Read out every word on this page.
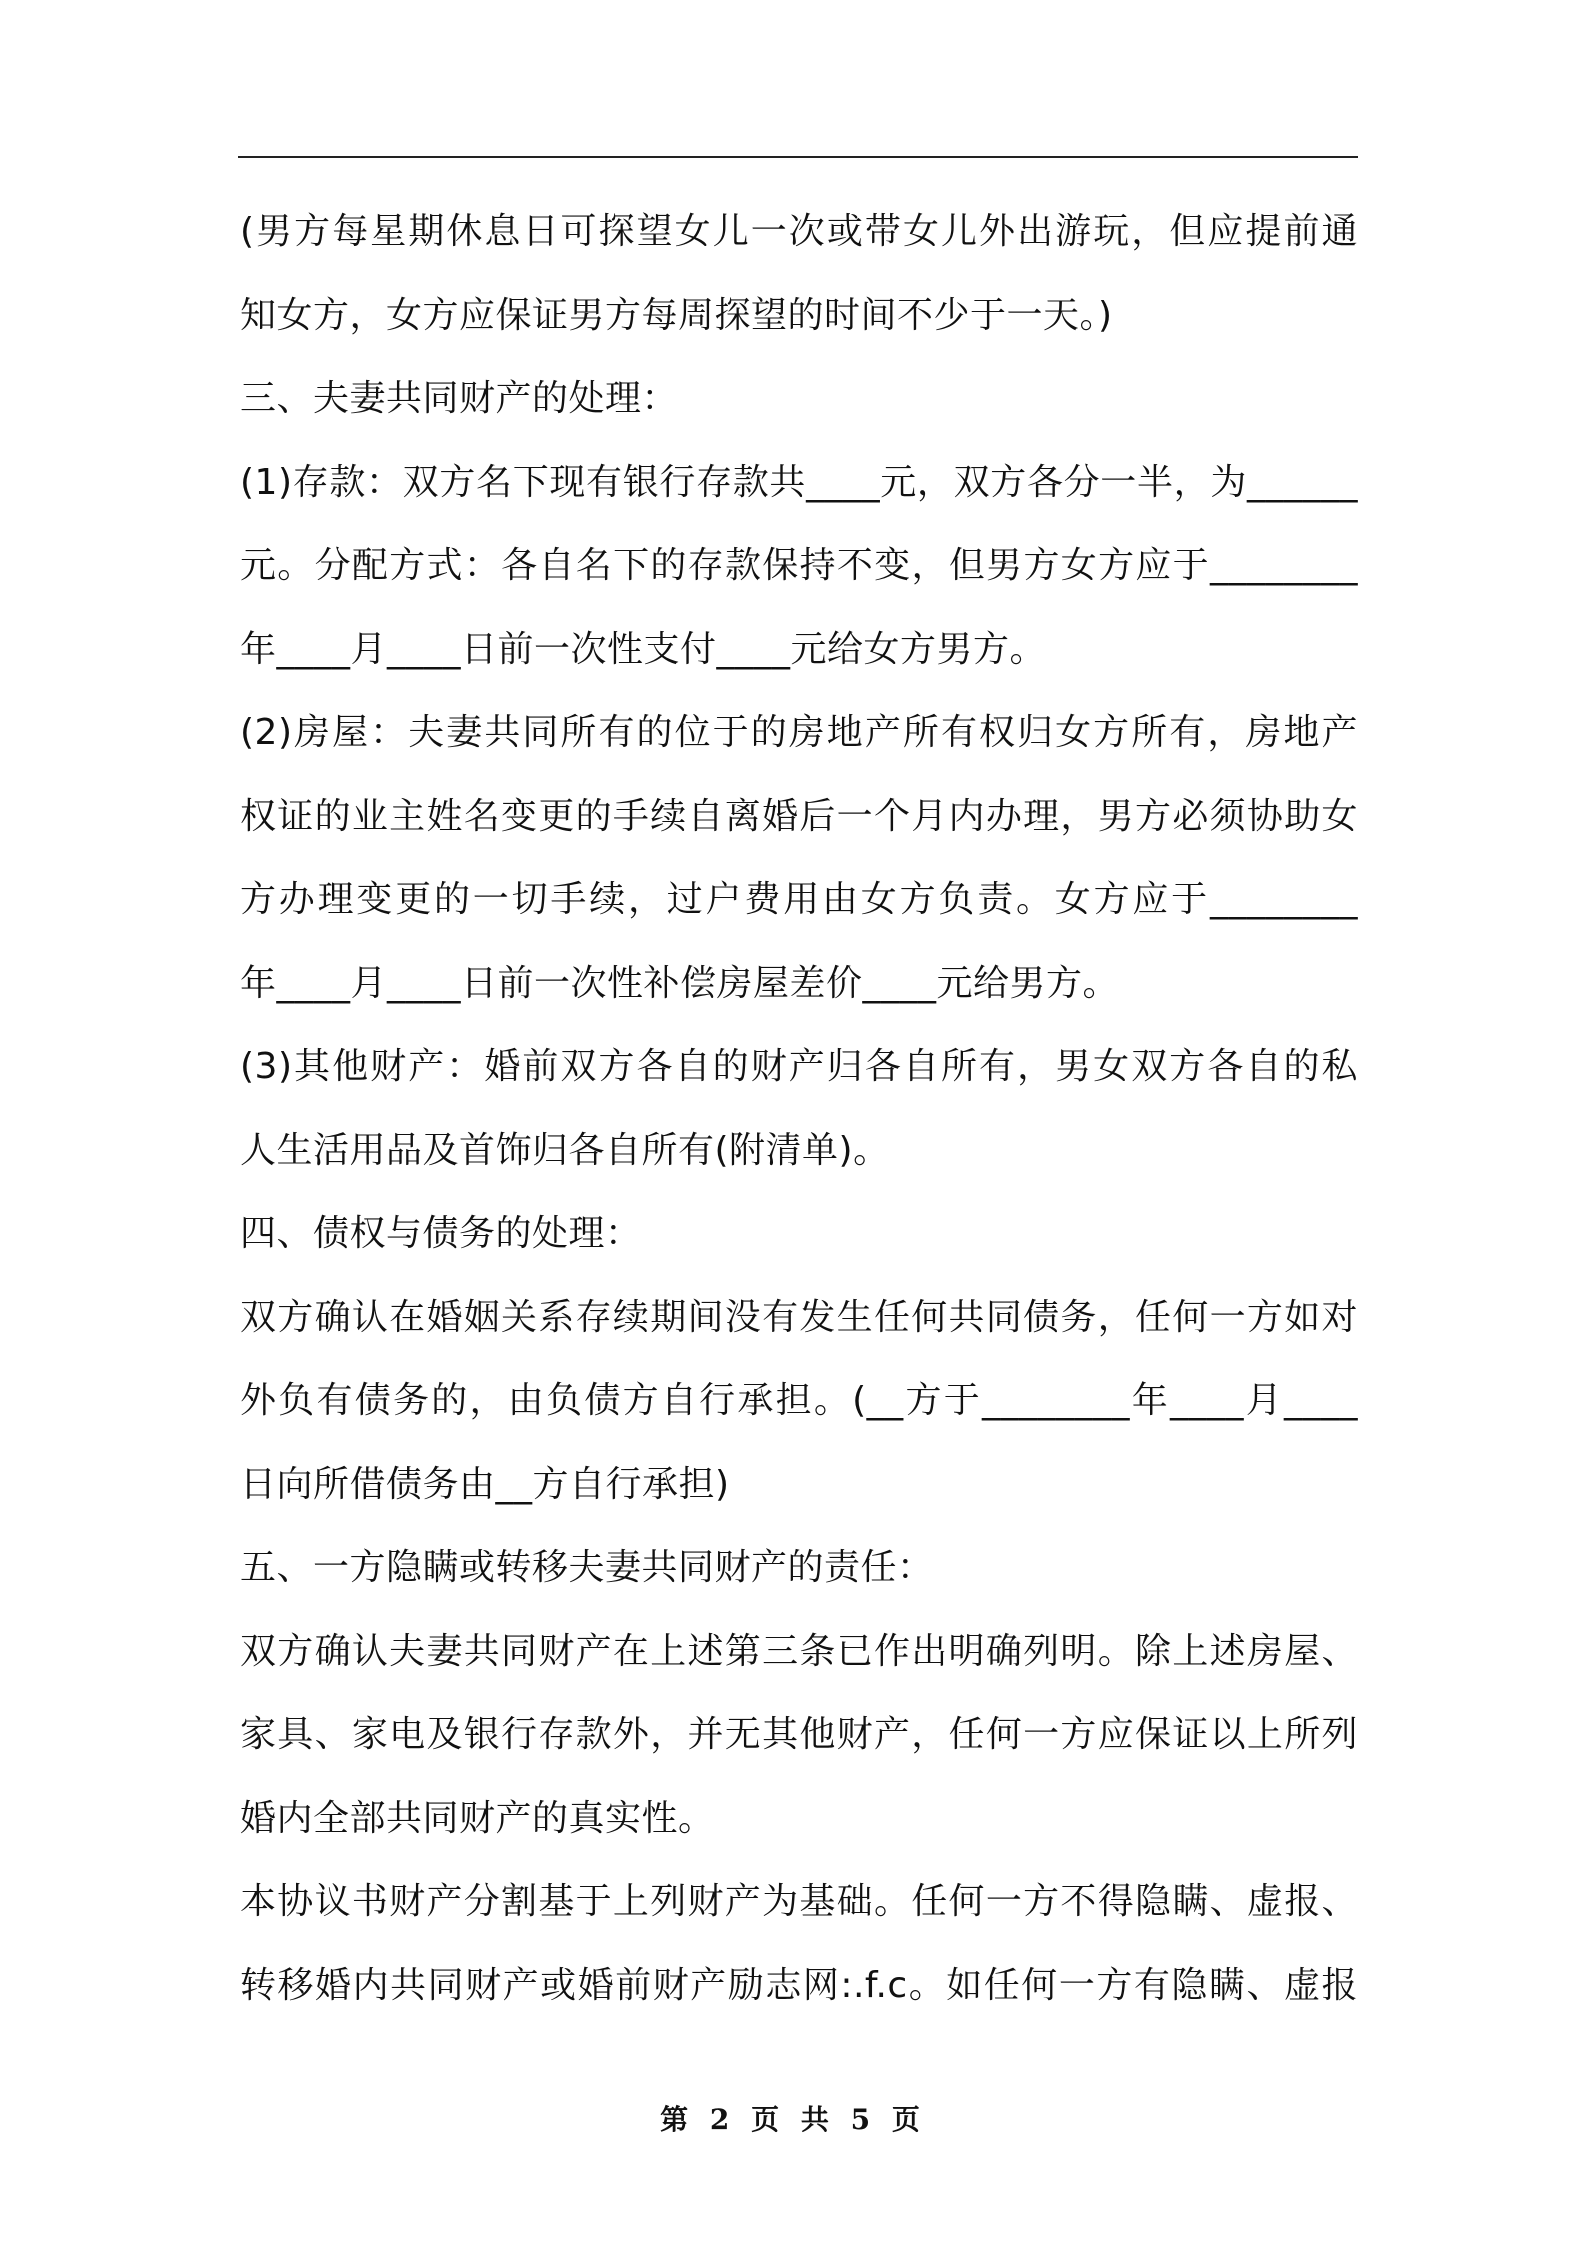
(男方每星期休息日可探望女儿一次或带女儿外出游玩，但应提前通
知女方，女方应保证男方每周探望的时间不少于一天。)
三、夫妻共同财产的处理：
(1)存款：双方名下现有银行存款共____元，双方各分一半，为______
元。分配方式：各自名下的存款保持不变，但男方女方应于________
年____月____日前一次性支付____元给女方男方。
(2)房屋：夫妻共同所有的位于的房地产所有权归女方所有，房地产
权证的业主姓名变更的手续自离婚后一个月内办理，男方必须协助女
方办理变更的一切手续，过户费用由女方负责。女方应于________
年____月____日前一次性补偿房屋差价____元给男方。
(3)其他财产：婚前双方各自的财产归各自所有，男女双方各自的私
人生活用品及首饰归各自所有(附清单)。
四、债权与债务的处理：
双方确认在婚姻关系存续期间没有发生任何共同债务，任何一方如对
外负有债务的，由负债方自行承担。(__方于________年____月____
日向所借债务由__方自行承担)
五、一方隐瞒或转移夫妻共同财产的责任：
双方确认夫妻共同财产在上述第三条已作出明确列明。除上述房屋、
家具、家电及银行存款外，并无其他财产，任何一方应保证以上所列
婚内全部共同财产的真实性。
本协议书财产分割基于上列财产为基础。任何一方不得隐瞒、虚报、
转移婚内共同财产或婚前财产励志网:.f.c。如任何一方有隐瞒、虚报
第 2 页 共 5 页
